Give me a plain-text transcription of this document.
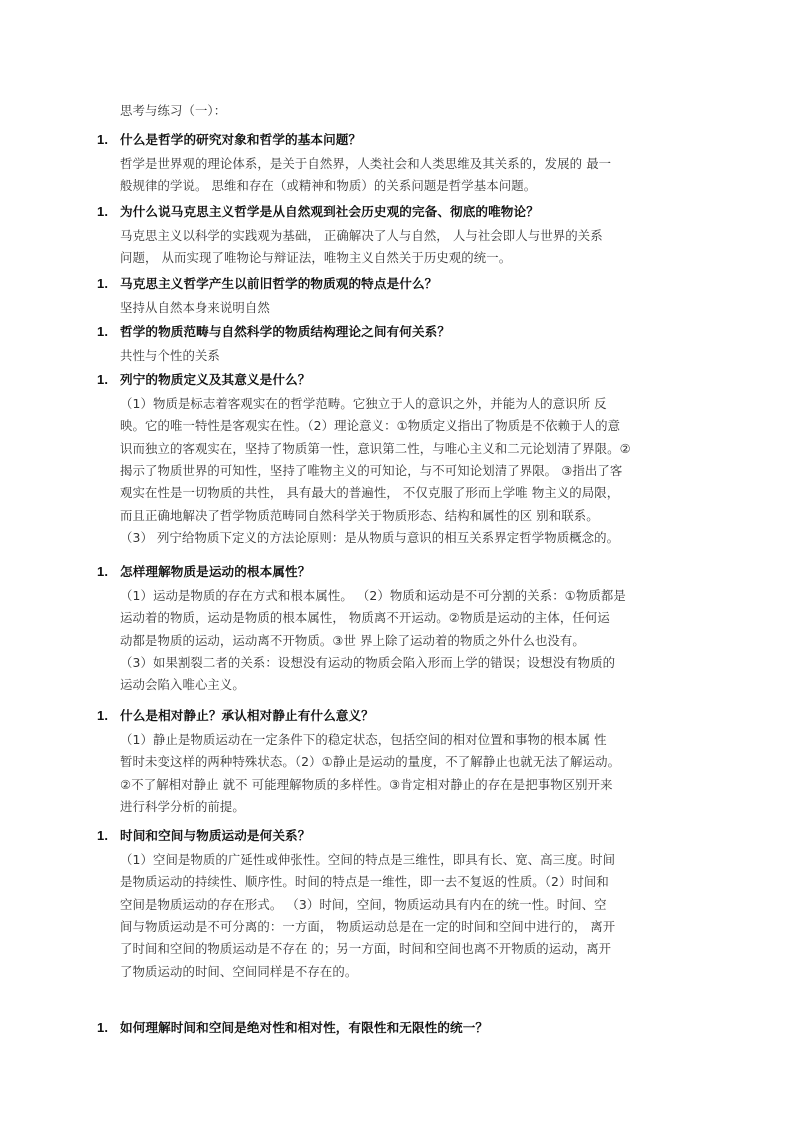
思考与练习（一）：
1. 什么是哲学的研究对象和哲学的基本问题？
哲学是世界观的理论体系，是关于自然界，人类社会和人类思维及其关系的，发展的 最一
般规律的学说。 思维和存在（或精神和物质）的关系问题是哲学基本问题。
1. 为什么说马克思主义哲学是从自然观到社会历史观的完备、彻底的唯物论？
马克思主义以科学的实践观为基础， 正确解决了人与自然， 人与社会即人与世界的关系
问题， 从而实现了唯物论与辩证法，唯物主义自然关于历史观的统一。
1. 马克思主义哲学产生以前旧哲学的物质观的特点是什么？
坚持从自然本身来说明自然
1. 哲学的物质范畴与自然科学的物质结构理论之间有何关系？
共性与个性的关系
1. 列宁的物质定义及其意义是什么？
（1）物质是标志着客观实在的哲学范畴。它独立于人的意识之外，并能为人的意识所 反
映。它的唯一特性是客观实在性。（2）理论意义：①物质定义指出了物质是不依赖于人的意
识而独立的客观实在，坚持了物质第一性，意识第二性，与唯心主义和二元论划清了界限。②
揭示了物质世界的可知性，坚持了唯物主义的可知论，与不可知论划清了界限。 ③指出了客
观实在性是一切物质的共性， 具有最大的普遍性， 不仅克服了形而上学唯 物主义的局限，
而且正确地解决了哲学物质范畴同自然科学关于物质形态、结构和属性的区 别和联系。
（3） 列宁给物质下定义的方法论原则：是从物质与意识的相互关系界定哲学物质概念的。
1. 怎样理解物质是运动的根本属性？
（1）运动是物质的存在方式和根本属性。 （2）物质和运动是不可分割的关系：①物质都是
运动着的物质，运动是物质的根本属性， 物质离不开运动。②物质是运动的主体，任何运
动都是物质的运动，运动离不开物质。③世 界上除了运动着的物质之外什么也没有。
（3）如果割裂二者的关系：设想没有运动的物质会陷入形而上学的错误；设想没有物质的
运动会陷入唯心主义。
1. 什么是相对静止？承认相对静止有什么意义？
（1）静止是物质运动在一定条件下的稳定状态，包括空间的相对位置和事物的根本属 性
暂时未变这样的两种特殊状态。（2）①静止是运动的量度，不了解静止也就无法了解运动。
②不了解相对静止 就不 可能理解物质的多样性。③肯定相对静止的存在是把事物区别开来
进行科学分析的前提。
1. 时间和空间与物质运动是何关系？
（1）空间是物质的广延性或伸张性。空间的特点是三维性，即具有长、宽、高三度。时间
是物质运动的持续性、顺序性。时间的特点是一维性，即一去不复返的性质。（2）时间和
空间是物质运动的存在形式。 （3）时间，空间，物质运动具有内在的统一性。时间、空
间与物质运动是不可分离的：一方面， 物质运动总是在一定的时间和空间中进行的， 离开
了时间和空间的物质运动是不存在 的；另一方面，时间和空间也离不开物质的运动，离开
了物质运动的时间、空间同样是不存在的。
1. 如何理解时间和空间是绝对性和相对性，有限性和无限性的统一？
